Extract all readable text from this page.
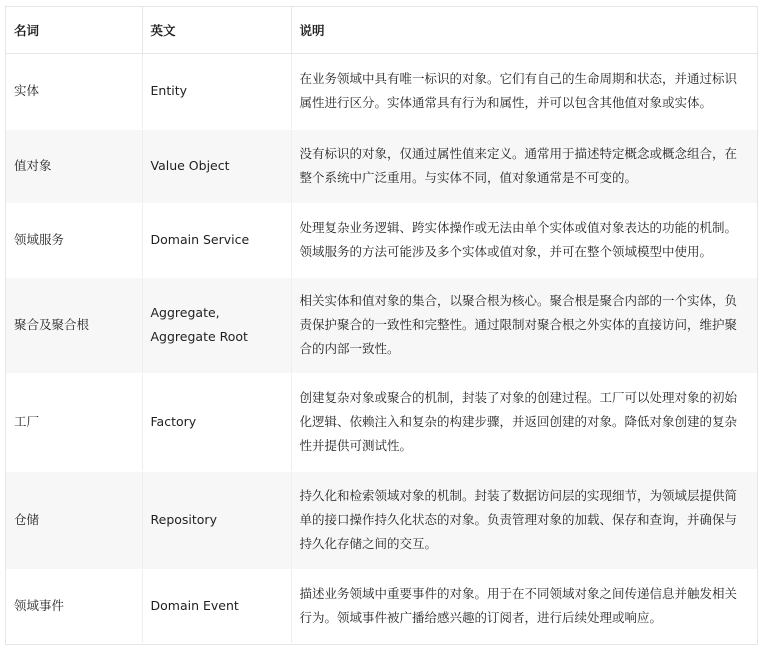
名词	英文	说明
实体	Entity	在业务领域中具有唯一标识的对象。它们有自己的生命周期和状态，并通过标识属性进行区分。实体通常具有行为和属性，并可以包含其他值对象或实体。
值对象	Value Object	没有标识的对象，仅通过属性值来定义。通常用于描述特定概念或概念组合，在整个系统中广泛重用。与实体不同，值对象通常是不可变的。
领域服务	Domain Service	处理复杂业务逻辑、跨实体操作或无法由单个实体或值对象表达的功能的机制。领域服务的方法可能涉及多个实体或值对象，并可在整个领域模型中使用。
聚合及聚合根	Aggregate, Aggregate Root	相关实体和值对象的集合，以聚合根为核心。聚合根是聚合内部的一个实体，负责保护聚合的一致性和完整性。通过限制对聚合根之外实体的直接访问，维护聚合的内部一致性。
工厂	Factory	创建复杂对象或聚合的机制，封装了对象的创建过程。工厂可以处理对象的初始化逻辑、依赖注入和复杂的构建步骤，并返回创建的对象。降低对象创建的复杂性并提供可测试性。
仓储	Repository	持久化和检索领域对象的机制。封装了数据访问层的实现细节，为领域层提供简单的接口操作持久化状态的对象。负责管理对象的加载、保存和查询，并确保与持久化存储之间的交互。
领域事件	Domain Event	描述业务领域中重要事件的对象。用于在不同领域对象之间传递信息并触发相关行为。领域事件被广播给感兴趣的订阅者，进行后续处理或响应。
